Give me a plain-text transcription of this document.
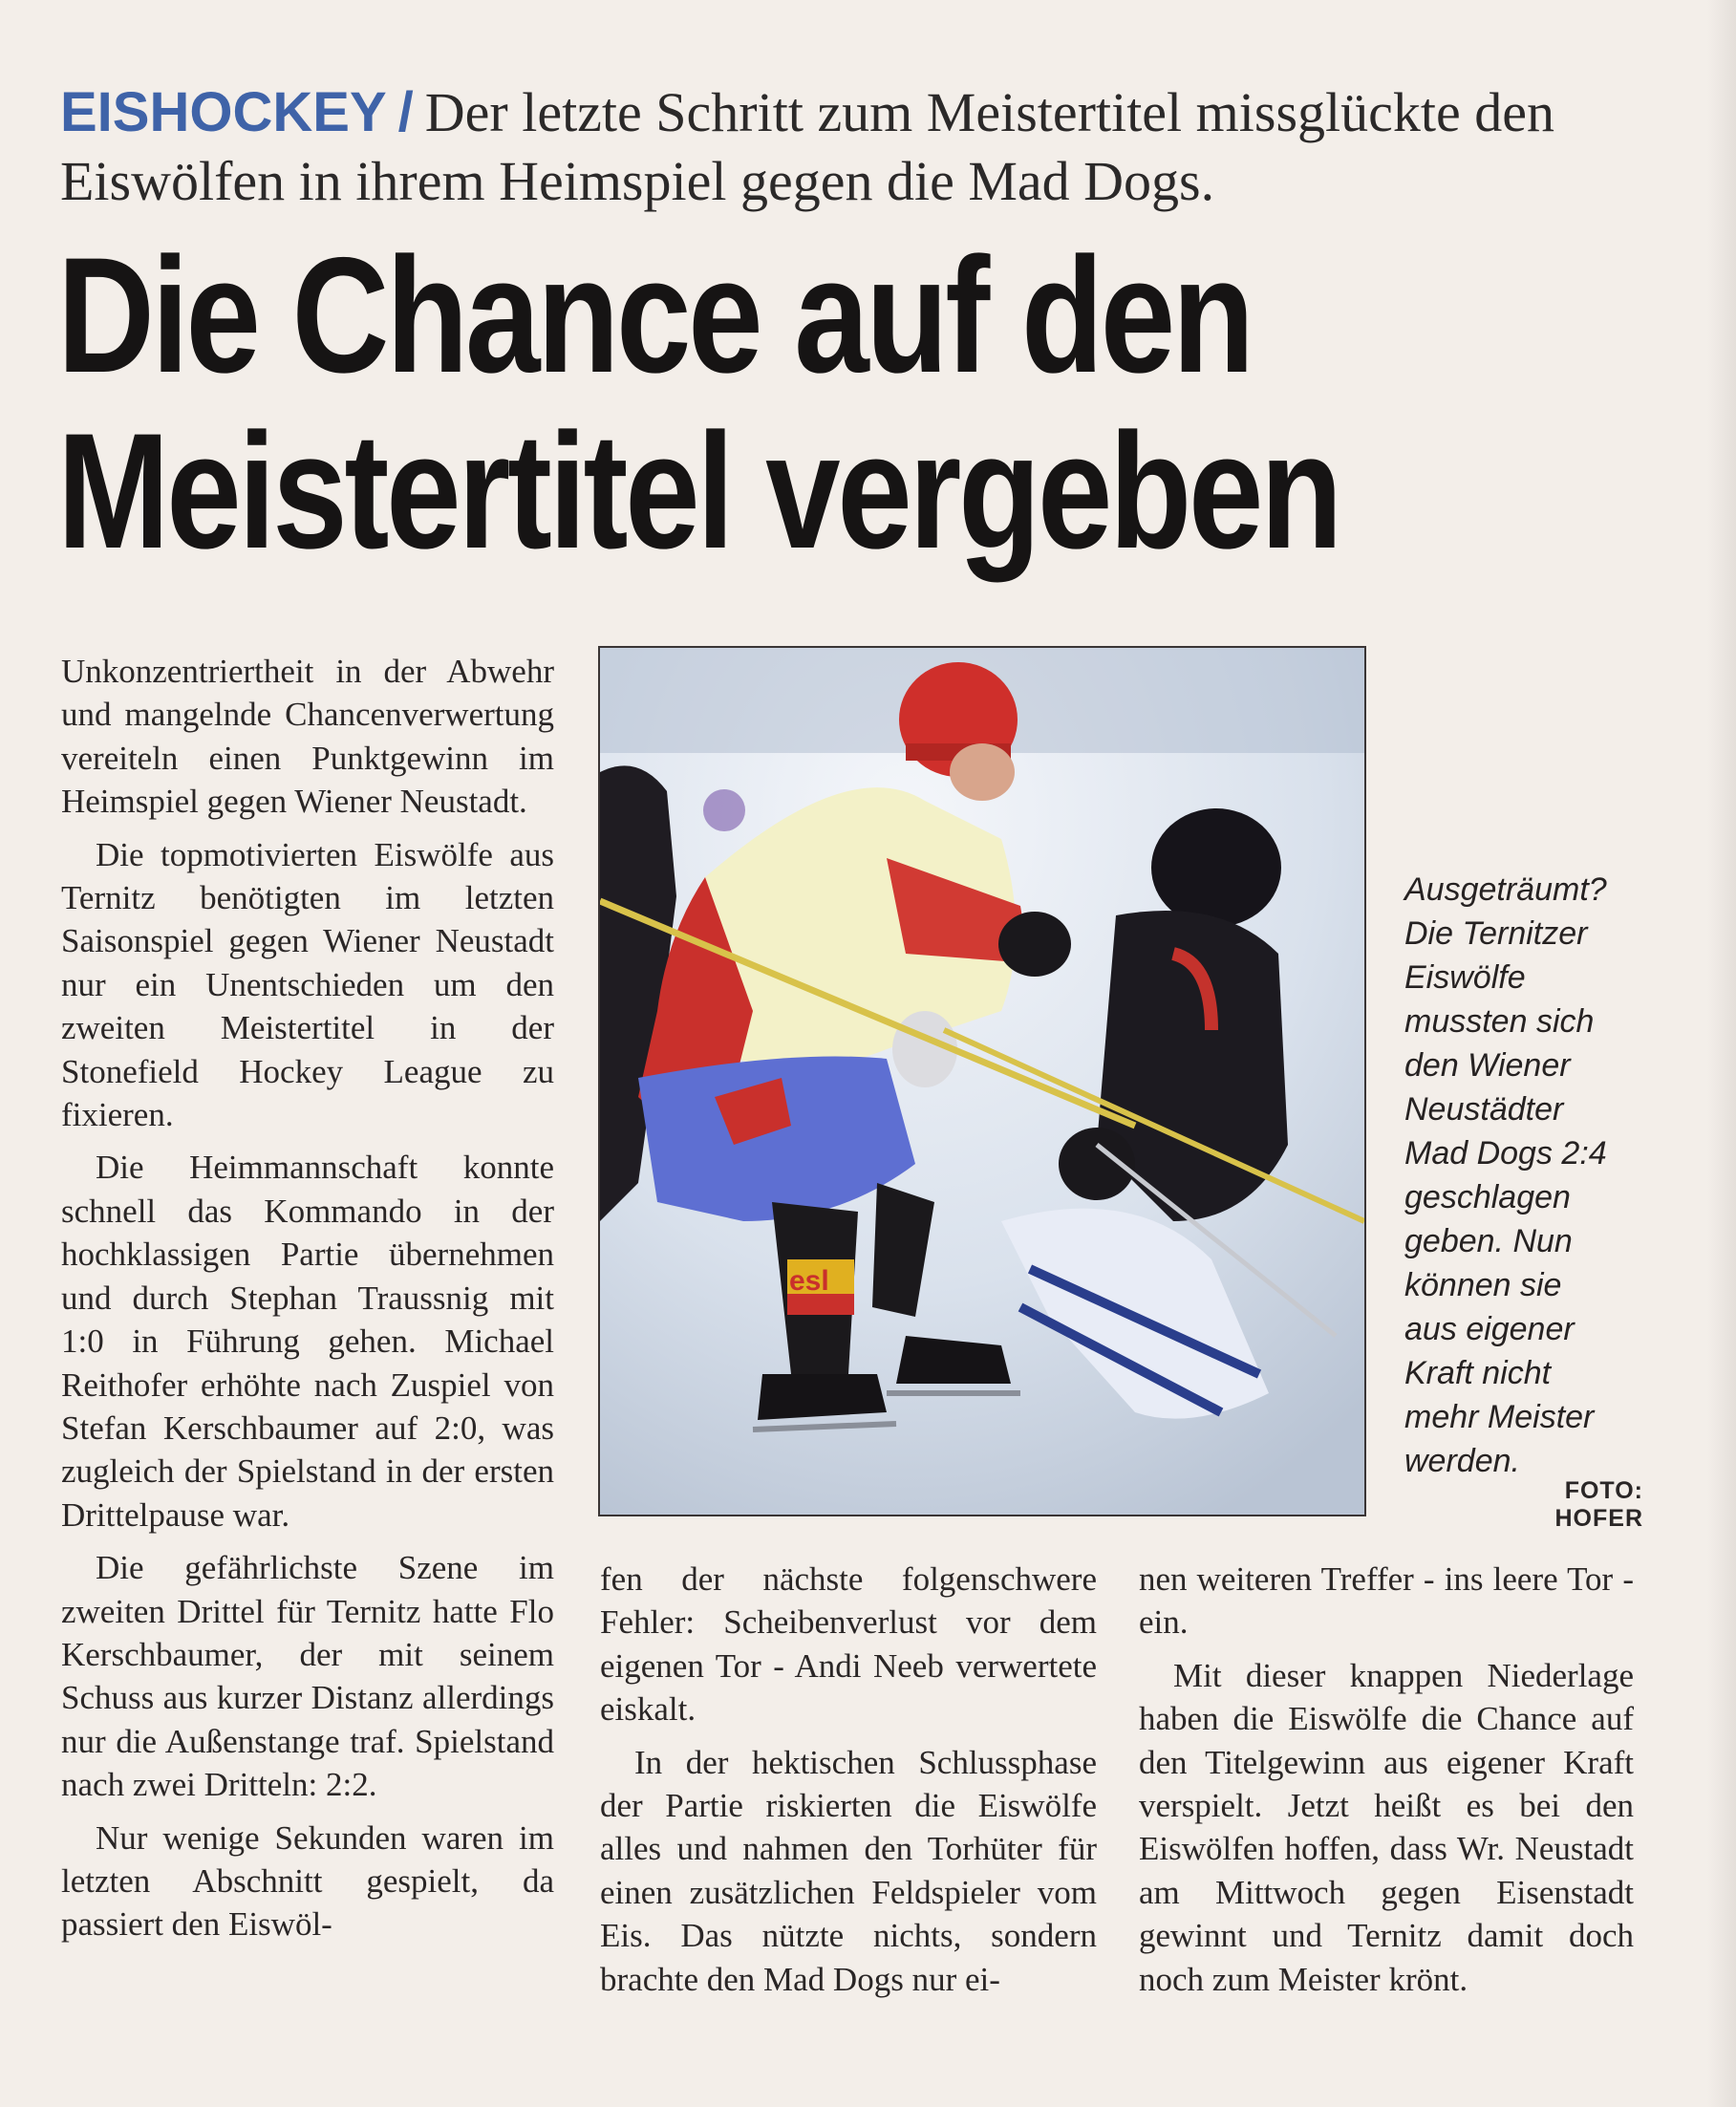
EISHOCKEY / Der letzte Schritt zum Meistertitel missglückte den Eiswölfen in ihrem Heimspiel gegen die Mad Dogs.
Die Chance auf den
Meistertitel vergeben

Unkonzentriertheit in der Abwehr und mangelnde Chancenverwertung vereiteln einen Punktgewinn im Heimspiel gegen Wiener Neustadt.

Die topmotivierten Eiswölfe aus Ternitz benötigten im letzten Saisonspiel gegen Wiener Neustadt nur ein Unentschieden um den zweiten Meistertitel in der Stonefield Hockey League zu fixieren.

Die Heimmannschaft konnte schnell das Kommando in der hochklassigen Partie übernehmen und durch Stephan Traussnig mit 1:0 in Führung gehen. Michael Reithofer erhöhte nach Zuspiel von Stefan Kerschbaumer auf 2:0, was zugleich der Spielstand in der ersten Drittelpause war.

Die gefährlichste Szene im zweiten Drittel für Ternitz hatte Flo Kerschbaumer, der mit seinem Schuss aus kurzer Distanz allerdings nur die Außenstange traf. Spielstand nach zwei Dritteln: 2:2.

Nur wenige Sekunden waren im letzten Abschnitt gespielt, da passiert den Eiswöl-

esl
Ausgeträumt?
Die Ternitzer
Eiswölfe
mussten sich
den Wiener
Neustädter
Mad Dogs 2:4
geschlagen
geben. Nun
können sie
aus eigener
Kraft nicht
mehr Meister
werden.
FOTO: HOFER

fen der nächste folgenschwere Fehler: Scheibenverlust vor dem eigenen Tor - Andi Neeb verwertete eiskalt.

In der hektischen Schlussphase der Partie riskierten die Eiswölfe alles und nahmen den Torhüter für einen zusätzlichen Feldspieler vom Eis. Das nützte nichts, sondern brachte den Mad Dogs nur ei-

nen weiteren Treffer - ins leere Tor - ein.

Mit dieser knappen Niederlage haben die Eiswölfe die Chance auf den Titelgewinn aus eigener Kraft verspielt. Jetzt heißt es bei den Eiswölfen hoffen, dass Wr. Neustadt am Mittwoch gegen Eisenstadt gewinnt und Ternitz damit doch noch zum Meister krönt.
